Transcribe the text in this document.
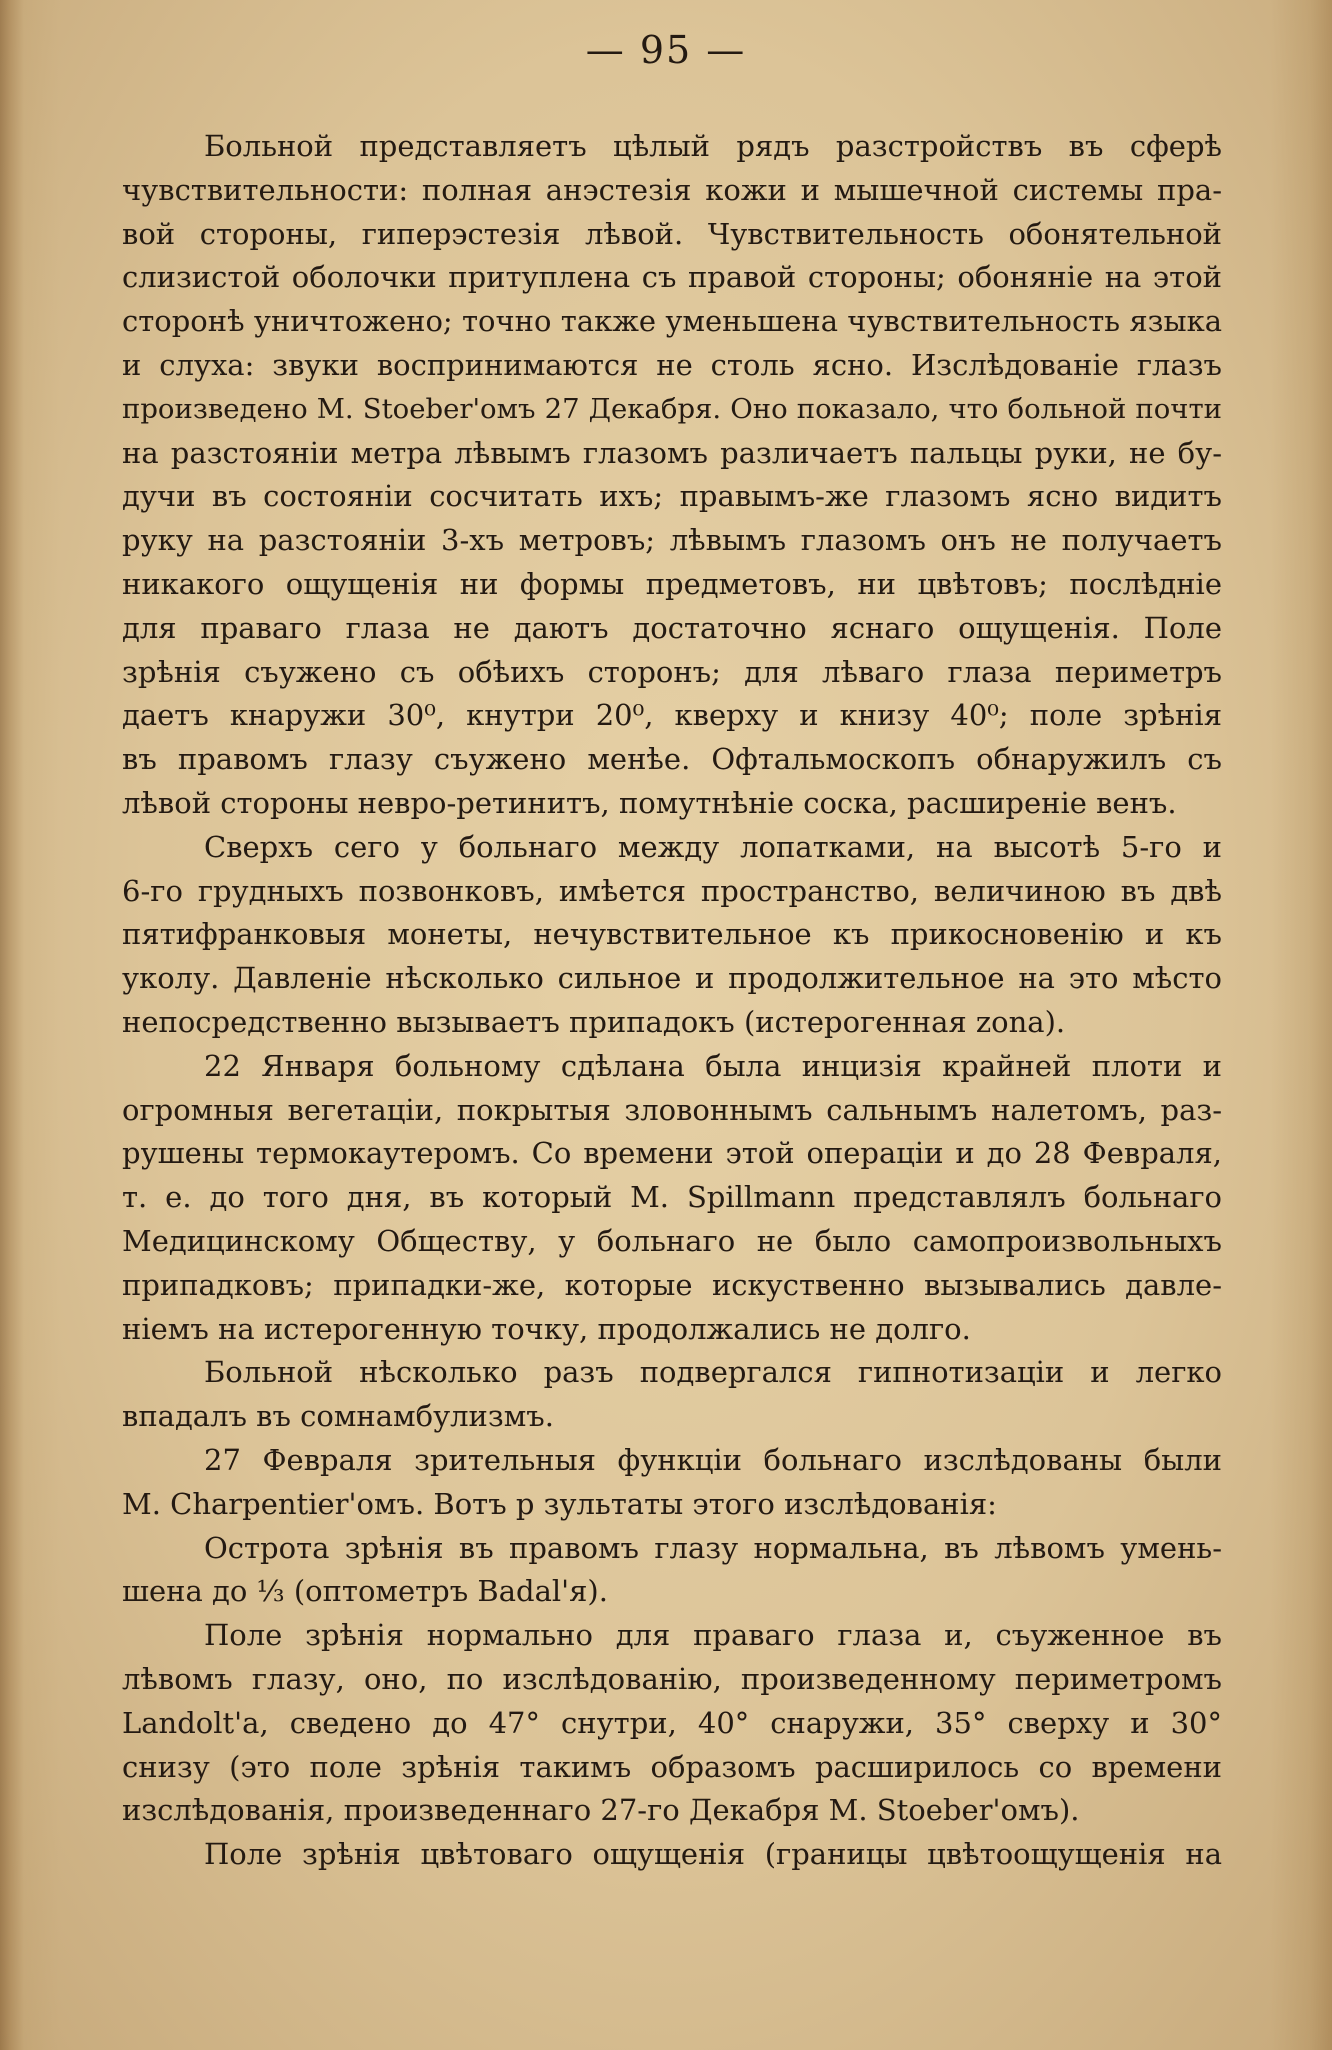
— 95 —
Больной представляетъ цѣлый рядъ разстройствъ въ сферѣ
чувствительности: полная анэстезія кожи и мышечной системы пра-
вой стороны, гиперэстезія лѣвой. Чувствительность обонятельной
слизистой оболочки притуплена съ правой стороны; обоняніе на этой
сторонѣ уничтожено; точно также уменьшена чувствительность языка
и слуха: звуки воспринимаются не столь ясно. Изслѣдованіе глазъ
произведено M. Stoeber'омъ 27 Декабря. Оно показало, что больной почти
на разстояніи метра лѣвымъ глазомъ различаетъ пальцы руки, не бу-
дучи въ состояніи сосчитать ихъ; правымъ-же глазомъ ясно видитъ
руку на разстояніи 3-хъ метровъ; лѣвымъ глазомъ онъ не получаетъ
никакого ощущенія ни формы предметовъ, ни цвѣтовъ; послѣдніе
для праваго глаза не даютъ достаточно яснаго ощущенія. Поле
зрѣнія съужено съ обѣихъ сторонъ; для лѣваго глаза периметръ
даетъ кнаружи 30⁰, кнутри 20⁰, кверху и книзу 40⁰; поле зрѣнія
въ правомъ глазу съужено менѣе. Офтальмоскопъ обнаружилъ съ
лѣвой стороны невро-ретинитъ, помутнѣніе соска, расширеніе венъ.
Сверхъ сего у больнаго между лопатками, на высотѣ 5-го и
6-го грудныхъ позвонковъ, имѣется пространство, величиною въ двѣ
пятифранковыя монеты, нечувствительное къ прикосновенію и къ
уколу. Давленіе нѣсколько сильное и продолжительное на это мѣсто
непосредственно вызываетъ припадокъ (истерогенная zona).
22 Января больному сдѣлана была инцизія крайней плоти и
огромныя вегетаціи, покрытыя зловоннымъ сальнымъ налетомъ, раз-
рушены термокаутеромъ. Со времени этой операціи и до 28 Февраля,
т. е. до того дня, въ который M. Spillmann представлялъ больнаго
Медицинскому Обществу, у больнаго не было самопроизвольныхъ
припадковъ; припадки-же, которые искуственно вызывались давле-
ніемъ на истерогенную точку, продолжались не долго.
Больной нѣсколько разъ подвергался гипнотизаціи и легко
впадалъ въ сомнамбулизмъ.
27 Февраля зрительныя функціи больнаго изслѣдованы были
M. Charpentier'омъ. Вотъ р зультаты этого изслѣдованія:
Острота зрѣнія въ правомъ глазу нормальна, въ лѣвомъ умень-
шена до ⅓ (оптометръ Badal'я).
Поле зрѣнія нормально для праваго глаза и, съуженное въ
лѣвомъ глазу, оно, по изслѣдованію, произведенному периметромъ
Landolt'а, сведено до 47° снутри, 40° снаружи, 35° сверху и 30°
снизу (это поле зрѣнія такимъ образомъ расширилось со времени
изслѣдованія, произведеннаго 27-го Декабря M. Stoeber'омъ).
Поле зрѣнія цвѣтоваго ощущенія (границы цвѣтоощущенія на
